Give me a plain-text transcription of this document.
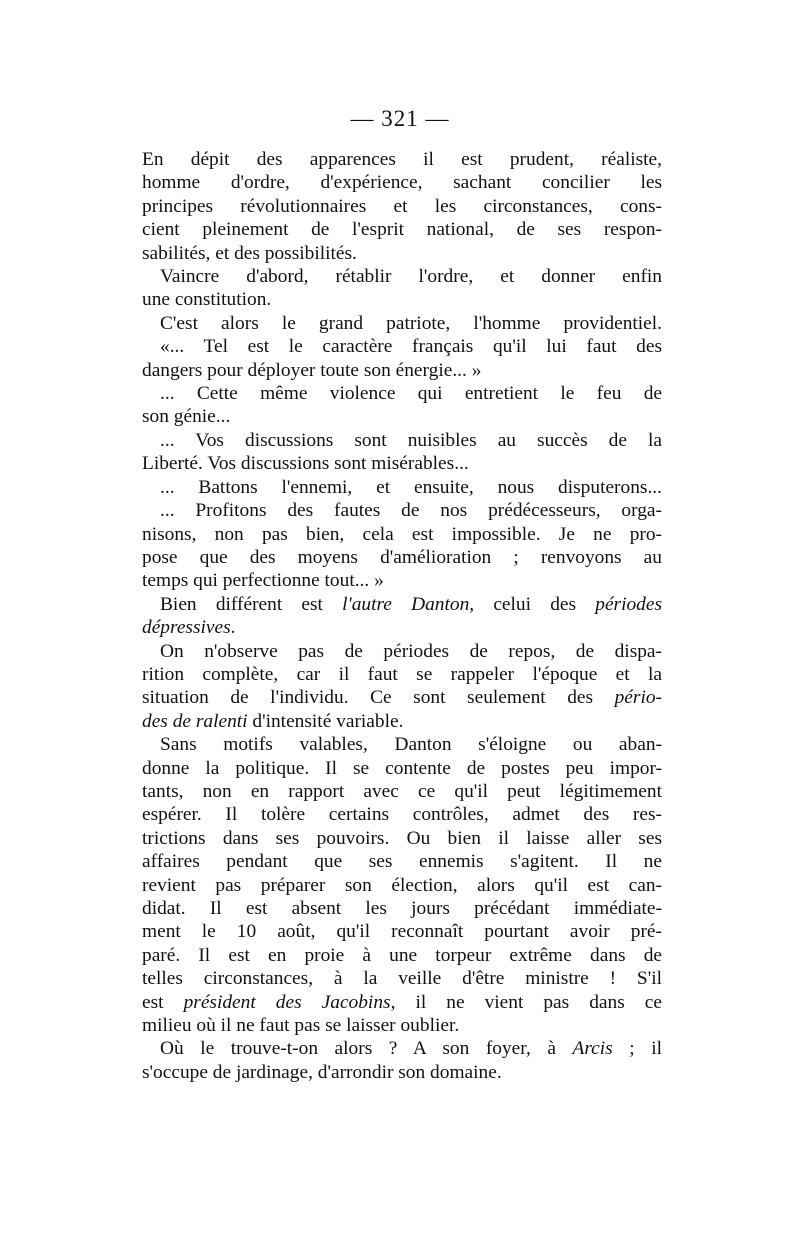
— 321 —
En dépit des apparences il est prudent, réaliste,
homme d'ordre, d'expérience, sachant concilier les
principes révolutionnaires et les circonstances, cons-
cient pleinement de l'esprit national, de ses respon-
sabilités, et des possibilités.
Vaincre d'abord, rétablir l'ordre, et donner enfin
une constitution.
C'est alors le grand patriote, l'homme providentiel.
«... Tel est le caractère français qu'il lui faut des
dangers pour déployer toute son énergie... »
... Cette même violence qui entretient le feu de
son génie...
... Vos discussions sont nuisibles au succès de la
Liberté. Vos discussions sont misérables...
... Battons l'ennemi, et ensuite, nous disputerons...
... Profitons des fautes de nos prédécesseurs, orga-
nisons, non pas bien, cela est impossible. Je ne pro-
pose que des moyens d'amélioration ; renvoyons au
temps qui perfectionne tout... »
Bien différent est l'autre Danton, celui des périodes
dépressives.
On n'observe pas de périodes de repos, de dispa-
rition complète, car il faut se rappeler l'époque et la
situation de l'individu. Ce sont seulement des pério-
des de ralenti d'intensité variable.
Sans motifs valables, Danton s'éloigne ou aban-
donne la politique. Il se contente de postes peu impor-
tants, non en rapport avec ce qu'il peut légitimement
espérer. Il tolère certains contrôles, admet des res-
trictions dans ses pouvoirs. Ou bien il laisse aller ses
affaires pendant que ses ennemis s'agitent. Il ne
revient pas préparer son élection, alors qu'il est can-
didat. Il est absent les jours précédant immédiate-
ment le 10 août, qu'il reconnaît pourtant avoir pré-
paré. Il est en proie à une torpeur extrême dans de
telles circonstances, à la veille d'être ministre ! S'il
est président des Jacobins, il ne vient pas dans ce
milieu où il ne faut pas se laisser oublier.
Où le trouve-t-on alors ? A son foyer, à Arcis ; il
s'occupe de jardinage, d'arrondir son domaine.
